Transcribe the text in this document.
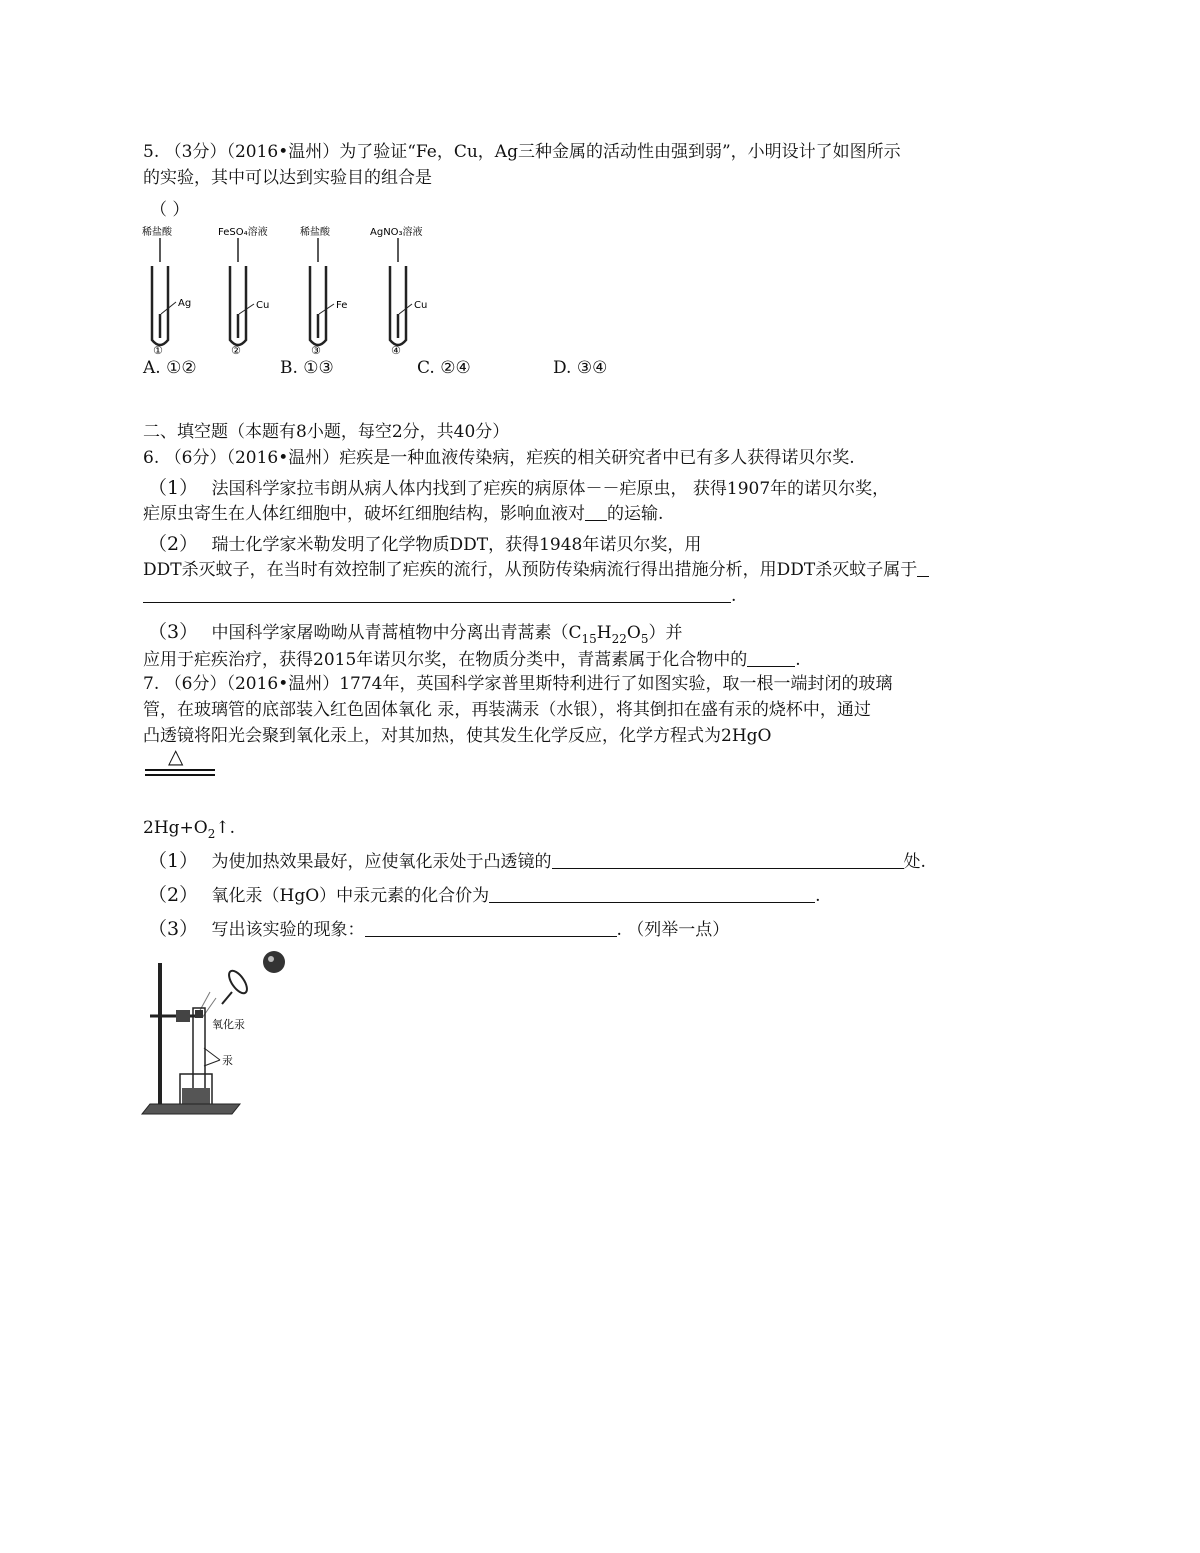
5. （3分）（2016•温州）为了验证“Fe，Cu，Ag三种金属的活动性由强到弱”，小明设计了如图所示
的实验，其中可以达到实验目的组合是
（ ）
稀盐酸
Ag
①
FeSO₄溶液
Cu
②
稀盐酸
Fe
③
AgNO₃溶液
Cu
④
A. ①②	B. ①③	C. ②④	D. ③④
二、填空题（本题有8小题，每空2分，共40分）
6. （6分）（2016•温州）疟疾是一种血液传染病，疟疾的相关研究者中已有多人获得诺贝尔奖.
（1） 法国科学家拉韦朗从病人体内找到了疟疾的病原体－－疟原虫， 获得1907年的诺贝尔奖，
疟原虫寄生在人体红细胞中，破坏红细胞结构，影响血液对 的运输.
（2） 瑞士化学家米勒发明了化学物质DDT，获得1948年诺贝尔奖，用
DDT杀灭蚊子，在当时有效控制了疟疾的流行，从预防传染病流行得出措施分析，用DDT杀灭蚊子属于
.
（3） 中国科学家屠呦呦从青蒿植物中分离出青蒿素$(C_{15}H_{22}O_5)$并
应用于疟疾治疗，获得2015年诺贝尔奖，在物质分类中，青蒿素属于化合物中的	.
7. （6分）（2016•温州）1774年，英国科学家普里斯特利进行了如图实验，取一根一端封闭的玻璃
管，在玻璃管的底部装入红色固体氧化 汞，再装满汞（水银），将其倒扣在盛有汞的烧杯中，通过
凸透镜将阳光会聚到氧化汞上，对其加热，使其发生化学反应，化学方程式为2HgO
△
$2Hg+O_2↑$.
（1） 为使加热效果最好，应使氧化汞处于凸透镜的	处.
（2） 氧化汞（HgO）中汞元素的化合价为	.
（3） 写出该实验的现象：	. （列举一点）
氧化汞
汞
